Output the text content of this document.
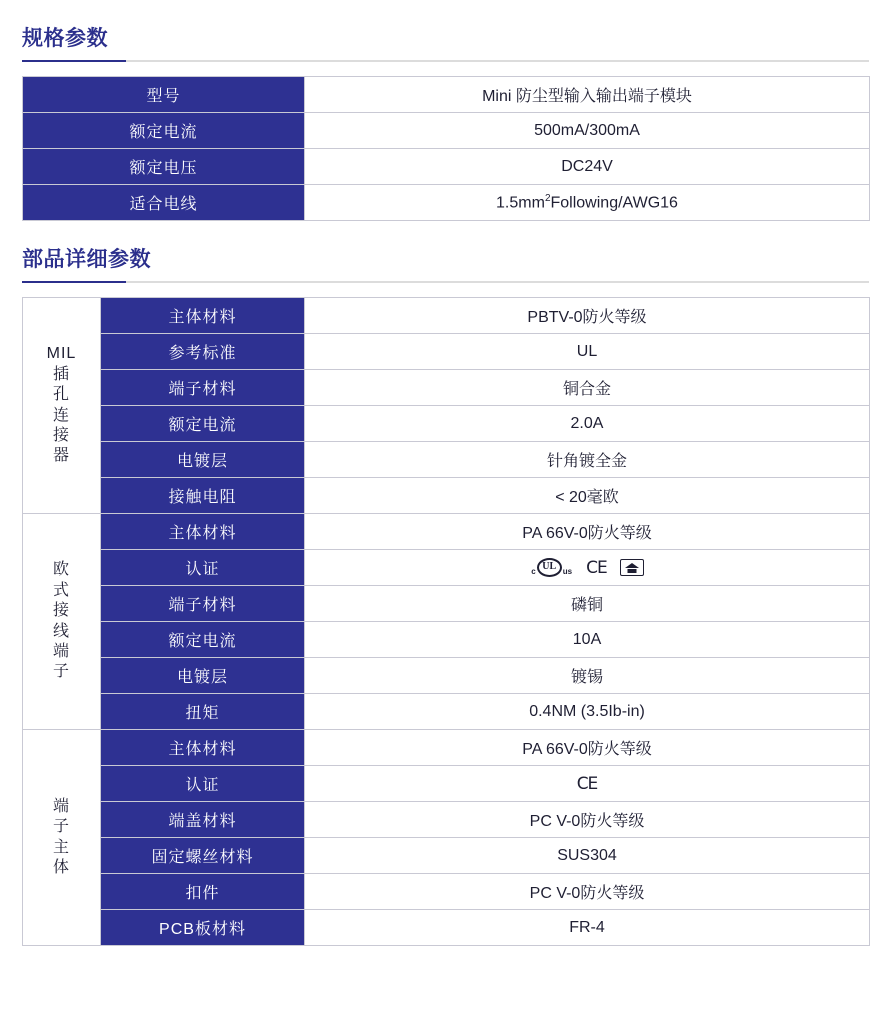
规格参数
型号	Mini 防尘型输入输出端子模块
额定电流	500mA/300mA
额定电压	DC24V
适合电线	$1.5mm^2Following/AWG16$
部品详细参数
MIL
插孔连接器	主体材料	PBTV-0防火等级
	参考标准	UL
	端子材料	铜合金
	额定电流	2.0A
	电镀层	针角镀全金
	接触电阻	< 20毫欧

欧式接线端子	主体材料	PA 66V-0防火等级
	认证	c UL us CE

	端子材料	磷铜
	额定电流	10A
	电镀层	镀锡
	扭矩	0.4NM (3.5Ib-in)

端子主体	主体材料	PA 66V-0防火等级
	认证	CE

	端盖材料	PC V-0防火等级
	固定螺丝材料	SUS304
	扣件	PC V-0防火等级
	PCB板材料	FR-4
